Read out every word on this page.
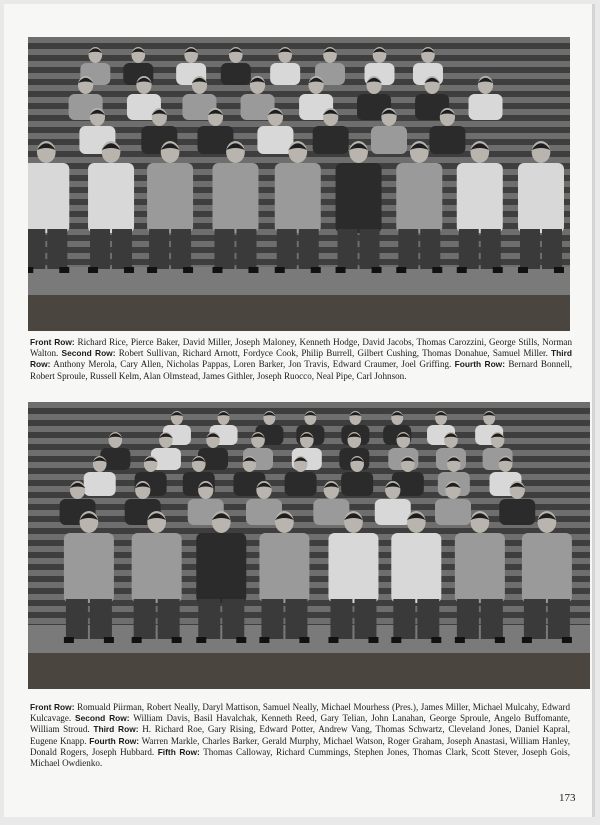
Front Row: Richard Rice, Pierce Baker, David Miller, Joseph Maloney, Kenneth Hodge, David Jacobs, Thomas Carozzini, George Stills, Norman Walton. Second Row: Robert Sullivan, Richard Arnott, Fordyce Cook, Philip Burrell, Gilbert Cushing, Thomas Donahue, Samuel Miller. Third Row: Anthony Merola, Cary Allen, Nicholas Pappas, Loren Barker, Jon Travis, Edward Craumer, Joel Griffing. Fourth Row: Bernard Bonnell, Robert Sproule, Russell Kelm, Alan Olmstead, James Githler, Joseph Ruocco, Neal Pipe, Carl Johnson.

Front Row: Romuald Piirman, Robert Neally, Daryl Mattison, Samuel Neally, Michael Mourhess (Pres.), James Miller, Michael Mulcahy, Edward Kulcavage. Second Row: William Davis, Basil Havalchak, Kenneth Reed, Gary Telian, John Lanahan, George Sproule, Angelo Buffomante, William Stroud. Third Row: H. Richard Roe, Gary Rising, Edward Potter, Andrew Vang, Thomas Schwartz, Cleveland Jones, Daniel Kapral, Eugene Knapp. Fourth Row: Warren Markle, Charles Barker, Gerald Murphy, Michael Watson, Roger Graham, Joseph Anastasi, William Hanley, Donald Rogers, Joseph Hubbard. Fifth Row: Thomas Calloway, Richard Cummings, Stephen Jones, Thomas Clark, Scott Stever, Joseph Gois, Michael Owdienko.

173
